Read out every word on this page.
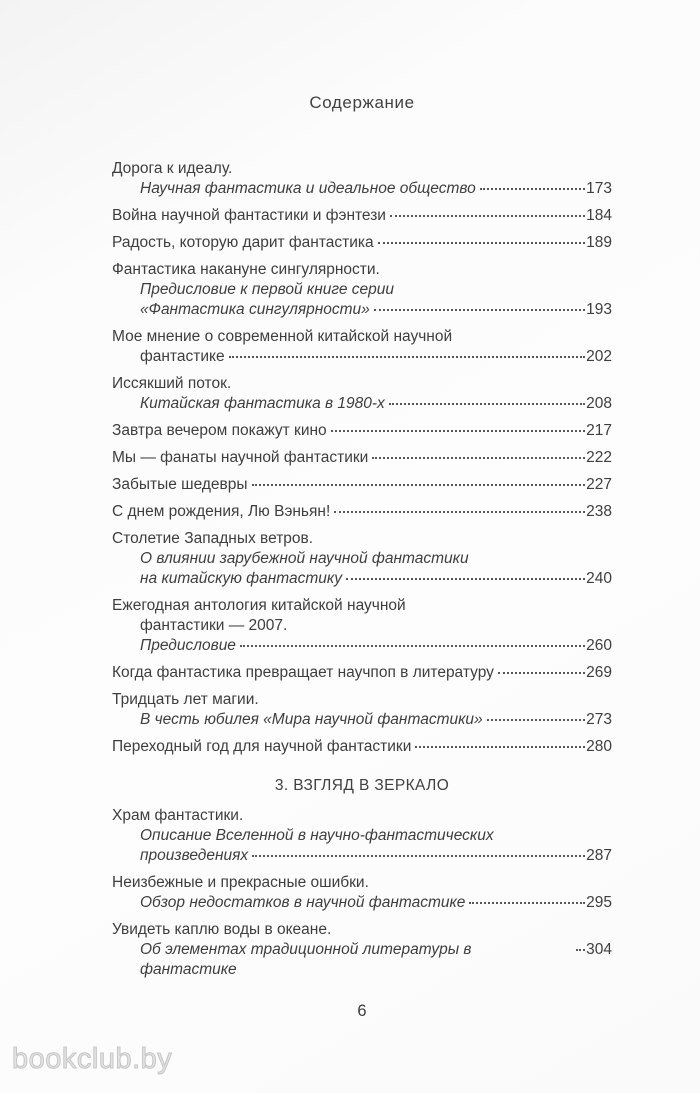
Содержание
Дорога к идеалу.
Научная фантастика и идеальное общество	173
Война научной фантастики и фэнтези	184
Радость, которую дарит фантастика	189
Фантастика накануне сингулярности.
Предисловие к первой книге серии
«Фантастика сингулярности»	193
Мое мнение о современной китайской научной
фантастике	202
Иссякший поток.
Китайская фантастика в 1980-х	208
Завтра вечером покажут кино	217
Мы — фанаты научной фантастики	222
Забытые шедевры	227
С днем рождения, Лю Вэньян!	238
Столетие Западных ветров.
О влиянии зарубежной научной фантастики
на китайскую фантастику	240
Ежегодная антология китайской научной
фантастики — 2007.
Предисловие	260
Когда фантастика превращает научпоп в литературу	269
Тридцать лет магии.
В честь юбилея «Мира научной фантастики»	273
Переходный год для научной фантастики	280
3. ВЗГЛЯД В ЗЕРКАЛО
Храм фантастики.
Описание Вселенной в научно-фантастических
произведениях	287
Неизбежные и прекрасные ошибки.
Обзор недостатков в научной фантастике	295
Увидеть каплю воды в океане.
Об элементах традиционной литературы в фантастике
304
6
bookclub.by
